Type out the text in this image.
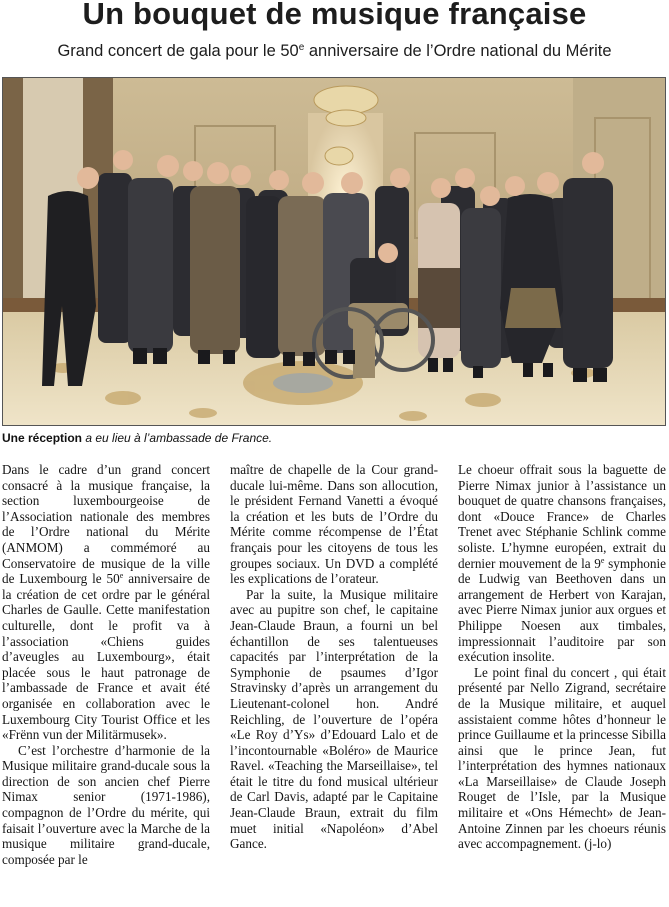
Un bouquet de musique française
Grand concert de gala pour le 50e anniversaire de l’Ordre national du Mérite
Une réception a eu lieu à l’ambassade de France.

Dans le cadre d’un grand concert consacré à la musique française, la section luxembourgeoise de l’Association nationale des membres de l’Ordre national du Mérite (ANMOM) a commémoré au Conservatoire de musique de la ville de Luxembourg le 50e anniversaire de la création de cet ordre par le général Charles de Gaulle. Cette manifestation culturelle, dont le profit va à l’association «Chiens guides d’aveugles au Luxembourg», était placée sous le haut patronage de l’ambassade de France et avait été organisée en collaboration avec le Luxembourg City Tourist Office et les «Frënn vun der Militärmusek».

C’est l’orchestre d’harmonie de la Musique militaire grand-ducale sous la direction de son ancien chef Pierre Nimax senior (1971-1986), compagnon de l’Ordre du mérite, qui faisait l’ouverture avec la Marche de la musique militaire grand-ducale, composée par le

maître de chapelle de la Cour grand-ducale lui-même. Dans son allocution, le président Fernand Vanetti a évoqué la création et les buts de l’Ordre du Mérite comme récompense de l’État français pour les citoyens de tous les groupes sociaux. Un DVD a complété les explications de l’orateur.

Par la suite, la Musique militaire avec au pupitre son chef, le capitaine Jean-Claude Braun, a fourni un bel échantillon de ses talentueuses capacités par l’interprétation de la Symphonie de psaumes d’Igor Stravinsky d’après un arrangement du Lieutenant-colonel hon. André Reichling, de l’ouverture de l’opéra «Le Roy d’Ys» d’Edouard Lalo et de l’incontournable «Boléro» de Maurice Ravel. «Teaching the Marseillaise», tel était le titre du fond musical ultérieur de Carl Davis, adapté par le Capitaine Jean-Claude Braun, extrait du film muet initial «Napoléon» d’Abel Gance.

Le choeur offrait sous la baguette de Pierre Nimax junior à l’assistance un bouquet de quatre chansons françaises, dont «Douce France» de Charles Trenet avec Stéphanie Schlink comme soliste. L’hymne européen, extrait du dernier mouvement de la 9e symphonie de Ludwig van Beethoven dans un arrangement de Herbert von Karajan, avec Pierre Nimax junior aux orgues et Philippe Noesen aux timbales, impressionnait l’auditoire par son exécution insolite.

Le point final du concert , qui était présenté par Nello Zigrand, secrétaire de la Musique militaire, et auquel assistaient comme hôtes d’honneur le prince Guillaume et la princesse Sibilla ainsi que le prince Jean, fut l’interprétation des hymnes nationaux «La Marseillaise» de Claude Joseph Rouget de l’Isle, par la Musique militaire et «Ons Hémecht» de Jean-Antoine Zinnen par les choeurs réunis avec accompagnement. (j-lo)
